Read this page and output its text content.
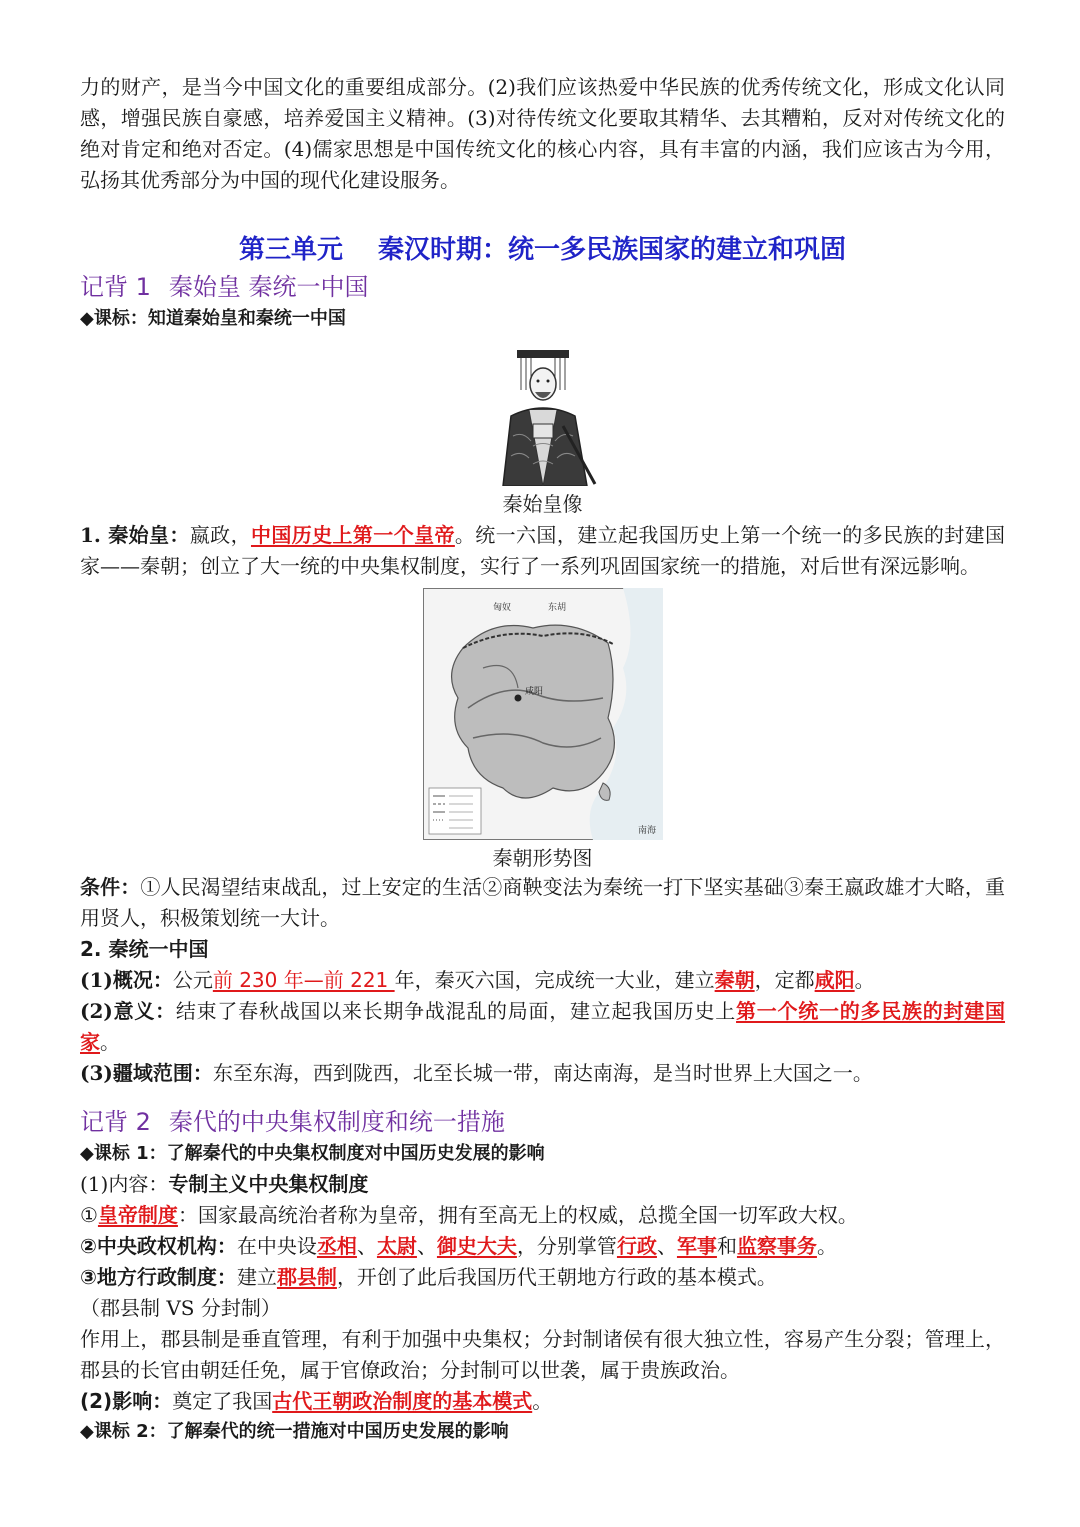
力的财产，是当今中国文化的重要组成部分。(2)我们应该热爱中华民族的优秀传统文化，形成文化认同感，增强民族自豪感，培养爱国主义精神。(3)对待传统文化要取其精华、去其糟粕，反对对传统文化的绝对肯定和绝对否定。(4)儒家思想是中国传统文化的核心内容，具有丰富的内涵，我们应该古为今用，弘扬其优秀部分为中国的现代化建设服务。

第三单元　 秦汉时期：统一多民族国家的建立和巩固

记背 1 秦始皇 秦统一中国

◆课标：知道秦始皇和秦统一中国

秦始皇像

1. 秦始皇：嬴政，中国历史上第一个皇帝。统一六国，建立起我国历史上第一个统一的多民族的封建国家——秦朝；创立了大一统的中央集权制度，实行了一系列巩固国家统一的措施，对后世有深远影响。

咸阳
匈奴	东胡
南海

秦朝形势图

条件：①人民渴望结束战乱，过上安定的生活②商鞅变法为秦统一打下坚实基础③秦王嬴政雄才大略，重用贤人，积极策划统一大计。

2. 秦统一中国

(1)概况：公元前 230 年—前 221 年，秦灭六国，完成统一大业，建立秦朝，定都咸阳。

(2)意义：结束了春秋战国以来长期争战混乱的局面，建立起我国历史上第一个统一的多民族的封建国家。

(3)疆域范围：东至东海，西到陇西，北至长城一带，南达南海，是当时世界上大国之一。

记背 2 秦代的中央集权制度和统一措施

◆课标 1：了解秦代的中央集权制度对中国历史发展的影响

(1)内容：专制主义中央集权制度

①皇帝制度：国家最高统治者称为皇帝，拥有至高无上的权威，总揽全国一切军政大权。

②中央政权机构：在中央设丞相、太尉、御史大夫，分别掌管行政、军事和监察事务。

③地方行政制度：建立郡县制，开创了此后我国历代王朝地方行政的基本模式。

（郡县制 VS 分封制）

作用上，郡县制是垂直管理，有利于加强中央集权；分封制诸侯有很大独立性，容易产生分裂；管理上，郡县的长官由朝廷任免，属于官僚政治；分封制可以世袭，属于贵族政治。

(2)影响：奠定了我国古代王朝政治制度的基本模式。

◆课标 2：了解秦代的统一措施对中国历史发展的影响
